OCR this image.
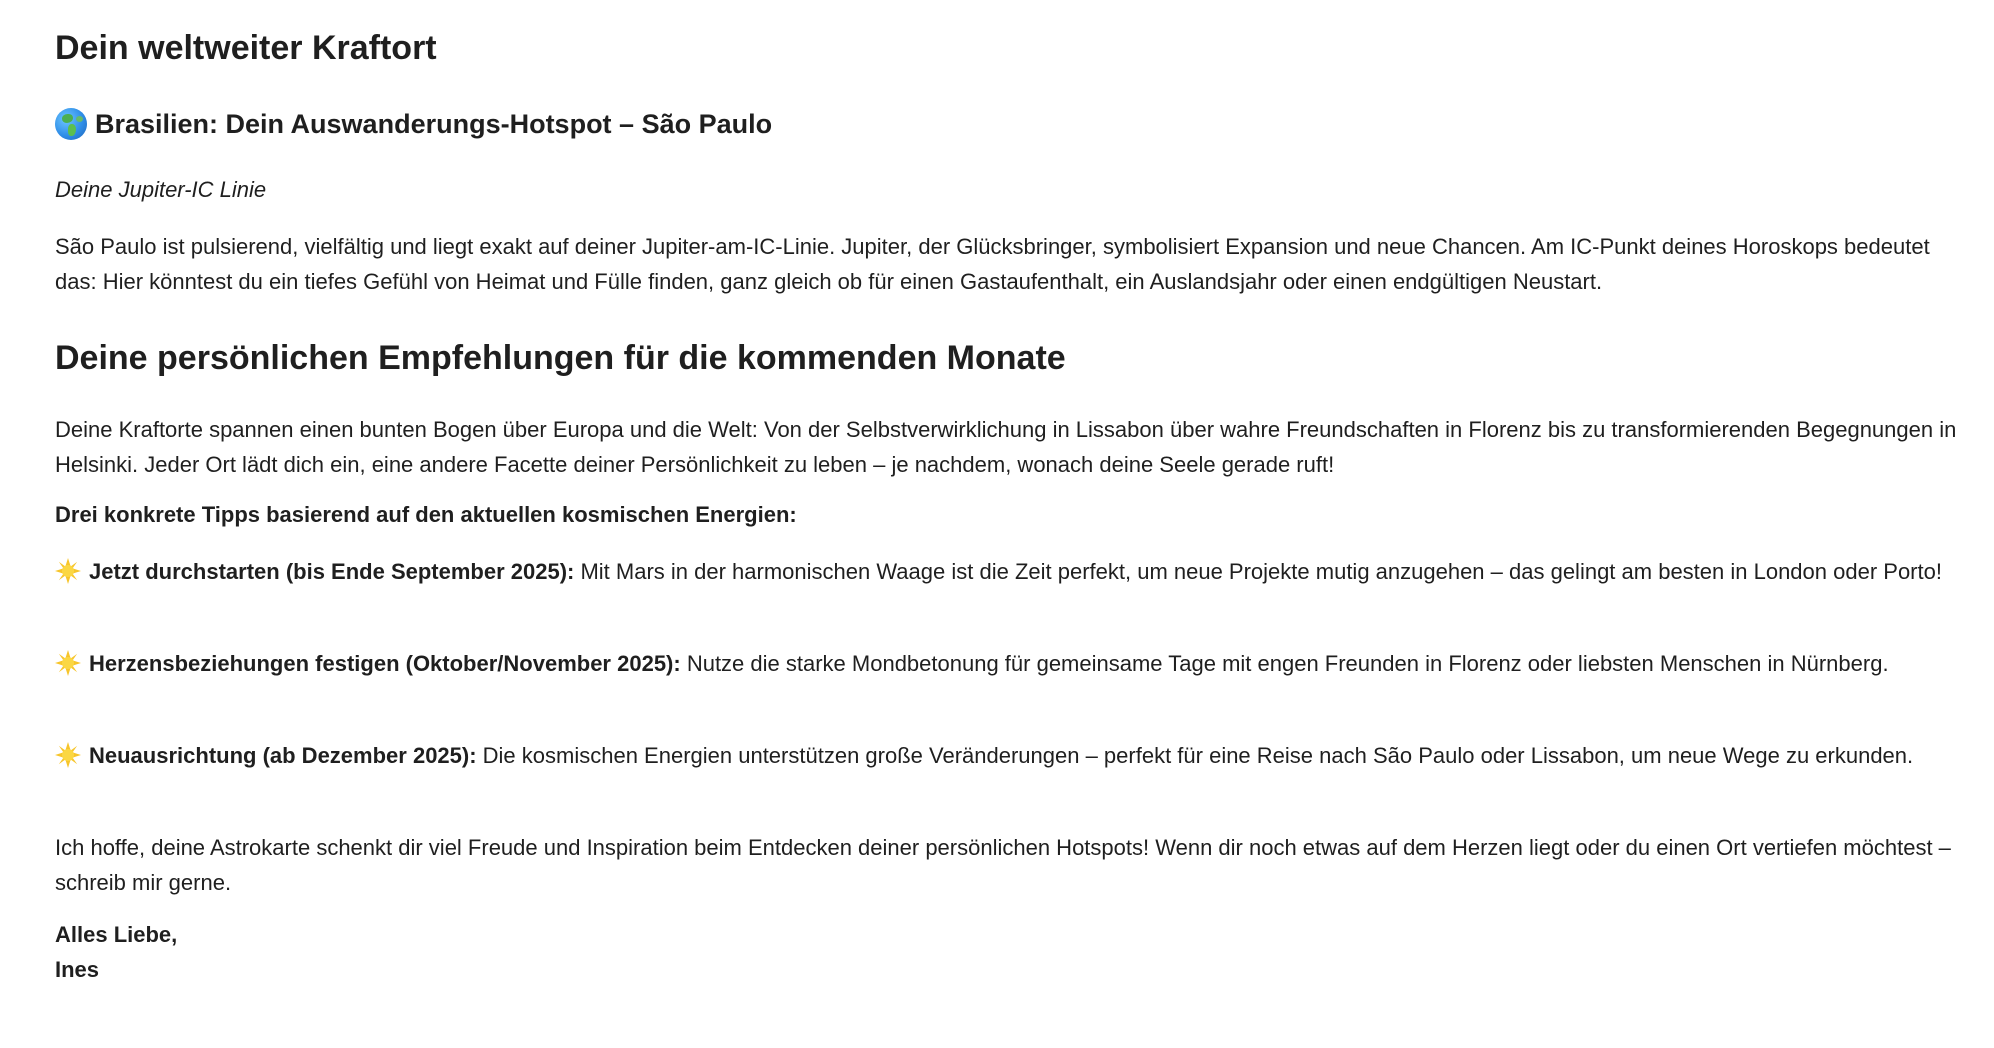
Dein weltweiter Kraftort
Brasilien: Dein Auswanderungs-Hotspot – São Paulo

Deine Jupiter-IC Linie

São Paulo ist pulsierend, vielfältig und liegt exakt auf deiner Jupiter-am-IC-Linie. Jupiter, der Glücksbringer, symbolisiert Expansion und neue Chancen. Am IC-Punkt deines Horoskops bedeutet das: Hier könntest du ein tiefes Gefühl von Heimat und Fülle finden, ganz gleich ob für einen Gastaufenthalt, ein Auslandsjahr oder einen endgültigen Neustart.

Deine persönlichen Empfehlungen für die kommenden Monate

Deine Kraftorte spannen einen bunten Bogen über Europa und die Welt: Von der Selbstverwirklichung in Lissabon über wahre Freundschaften in Florenz bis zu transformierenden Begegnungen in Helsinki. Jeder Ort lädt dich ein, eine andere Facette deiner Persönlichkeit zu leben – je nachdem, wonach deine Seele gerade ruft!

Drei konkrete Tipps basierend auf den aktuellen kosmischen Energien:

Jetzt durchstarten (bis Ende September 2025): Mit Mars in der harmonischen Waage ist die Zeit perfekt, um neue Projekte mutig anzugehen – das gelingt am besten in London oder Porto!

Herzensbeziehungen festigen (Oktober/November 2025): Nutze die starke Mondbetonung für gemeinsame Tage mit engen Freunden in Florenz oder liebsten Menschen in Nürnberg.

Neuausrichtung (ab Dezember 2025): Die kosmischen Energien unterstützen große Veränderungen – perfekt für eine Reise nach São Paulo oder Lissabon, um neue Wege zu erkunden.

Ich hoffe, deine Astrokarte schenkt dir viel Freude und Inspiration beim Entdecken deiner persönlichen Hotspots! Wenn dir noch etwas auf dem Herzen liegt oder du einen Ort vertiefen möchtest – schreib mir gerne.

Alles Liebe,
Ines
